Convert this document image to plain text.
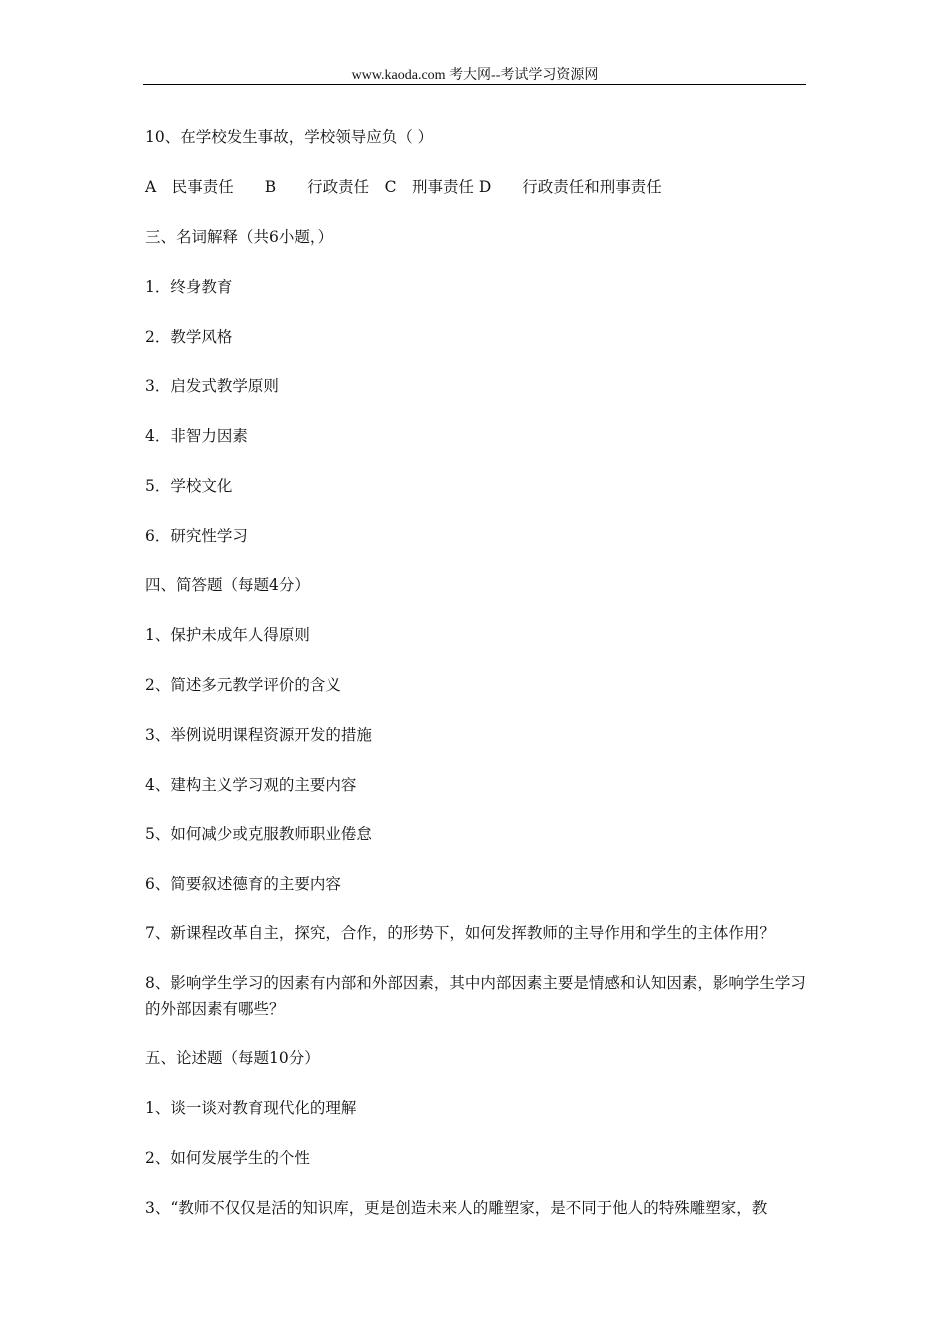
www.kaoda.com 考大网--考试学习资源网
10、在学校发生事故，学校领导应负（ ）
A　民事责任　　B　　行政责任　C　刑事责任 D　　行政责任和刑事责任
三、名词解释（共6小题，）
1．终身教育
2．教学风格
3．启发式教学原则
4．非智力因素
5．学校文化
6．研究性学习
四、简答题（每题4分）
1、保护未成年人得原则
2、简述多元教学评价的含义
3、举例说明课程资源开发的措施
4、建构主义学习观的主要内容
5、如何减少或克服教师职业倦怠
6、简要叙述德育的主要内容
7、新课程改革自主，探究，合作，的形势下，如何发挥教师的主导作用和学生的主体作用？
8、影响学生学习的因素有内部和外部因素，其中内部因素主要是情感和认知因素，影响学生学习的外部因素有哪些？
五、论述题（每题10分）
1、谈一谈对教育现代化的理解
2、如何发展学生的个性
3、“教师不仅仅是活的知识库，更是创造未来人的雕塑家，是不同于他人的特殊雕塑家，教
